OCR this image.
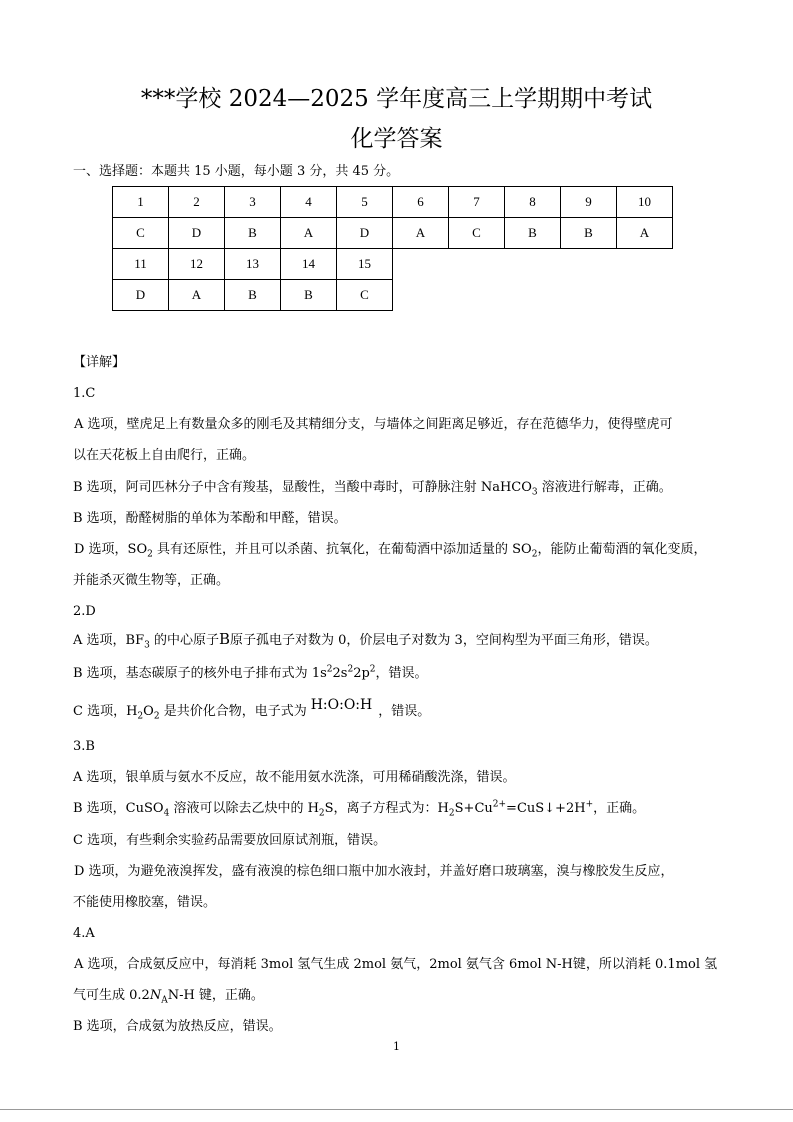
***学校 2024—2025 学年度高三上学期期中考试
化学答案
一、选择题：本题共 15 小题，每小题 3 分，共 45 分。
1	2	3	4	5	6	7	8	9	10
C	D	B	A	D	A	C	B	B	A
11	12	13	14	15					
D	A	B	B	C					
【详解】
1.C
A 选项，壁虎足上有数量众多的刚毛及其精细分支，与墙体之间距离足够近，存在范德华力，使得壁虎可
以在天花板上自由爬行，正确。
B 选项，阿司匹林分子中含有羧基，显酸性，当酸中毒时，可静脉注射 NaHCO$_3$ 溶液进行解毒，正确。
B 选项，酚醛树脂的单体为苯酚和甲醛，错误。
D 选项，$SO_2$ 具有还原性，并且可以杀菌、抗氧化，在葡萄酒中添加适量的 $SO_2$，能防止葡萄酒的氧化变质，
并能杀灭微生物等，正确。
2.D
A 选项，$BF_3$ 的中心原子B原子孤电子对数为 0，价层电子对数为 3，空间构型为平面三角形，错误。
B 选项，基态碳原子的核外电子排布式为 $1s^22s^22p^2$，错误。
C 选项，$H_2O_2$ 是共价化合物，电子式为 H:O:O:H ，错误。
3.B
A 选项，银单质与氨水不反应，故不能用氨水洗涤，可用稀硝酸洗涤，错误。
B 选项，CuSO$_4$ 溶液可以除去乙炔中的 $H_2S$，离子方程式为：$H_2S+Cu^{2+}=CuS↓+2H^+$，正确。
C 选项，有些剩余实验药品需要放回原试剂瓶，错误。
D 选项，为避免液溴挥发，盛有液溴的棕色细口瓶中加水液封，并盖好磨口玻璃塞，溴与橡胶发生反应，
不能使用橡胶塞，错误。
4.A
A 选项，合成氨反应中，每消耗 3mol 氢气生成 2mol 氨气，2mol 氨气含 6mol N-H键，所以消耗 0.1mol 氢
气可生成 $0.2N_AN-H$ 键，正确。
B 选项，合成氨为放热反应，错误。
1
